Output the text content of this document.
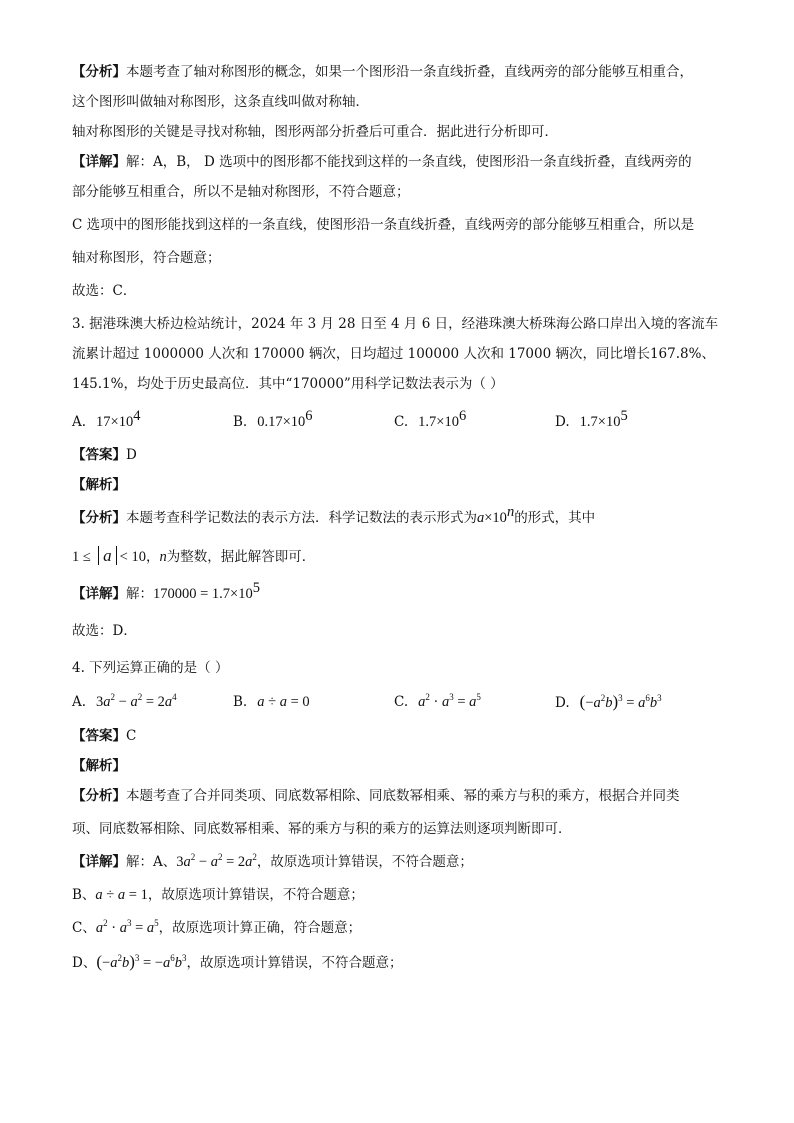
【分析】本题考查了轴对称图形的概念，如果一个图形沿一条直线折叠，直线两旁的部分能够互相重合，
这个图形叫做轴对称图形，这条直线叫做对称轴．
轴对称图形的关键是寻找对称轴，图形两部分折叠后可重合．据此进行分析即可．
【详解】解：A，B， D 选项中的图形都不能找到这样的一条直线，使图形沿一条直线折叠，直线两旁的
部分能够互相重合，所以不是轴对称图形，不符合题意；
C 选项中的图形能找到这样的一条直线，使图形沿一条直线折叠，直线两旁的部分能够互相重合，所以是
轴对称图形，符合题意；
故选：C．
3. 据港珠澳大桥边检站统计，2024 年 3 月 28 日至 4 月 6 日，经港珠澳大桥珠海公路口岸出入境的客流车
流累计超过 1000000 人次和 170000 辆次，日均超过 100000 人次和 17000 辆次，同比增长167.8%、
145.1%，均处于历史最高位．其中“170000”用科学记数法表示为（ ）
A. $17\times 10^4$	B. $0.17\times 10^6$	C. $1.7\times 10^6$	D. $1.7\times 10^5$
【答案】D
【解析】
【分析】本题考查科学记数法的表示方法．科学记数法的表示形式为$a\times 10^n$的形式，其中
1 ≤ a < 10，n为整数，据此解答即可．
【详解】解：$170000 = 1.7\times 10^5$
故选：D．
4. 下列运算正确的是（ ）
A. $3a^2 - a^2 = 2a^4$	B. a ÷ a = 0	C. $a^2 \cdot a^3 = a^5$	D. $(-a^2b)^3 = a^6b^3$
【答案】C
【解析】
【分析】本题考查了合并同类项、同底数幂相除、同底数幂相乘、幂的乘方与积的乘方，根据合并同类
项、同底数幂相除、同底数幂相乘、幂的乘方与积的乘方的运算法则逐项判断即可．
【详解】解：A、$3a^2 - a^2 = 2a^2$，故原选项计算错误，不符合题意；
B、a ÷ a = 1，故原选项计算错误，不符合题意；
C、$a^2 \cdot a^3 = a^5$，故原选项计算正确，符合题意；
D、$(-a^2b)^3 = -a^6b^3$，故原选项计算错误，不符合题意；
